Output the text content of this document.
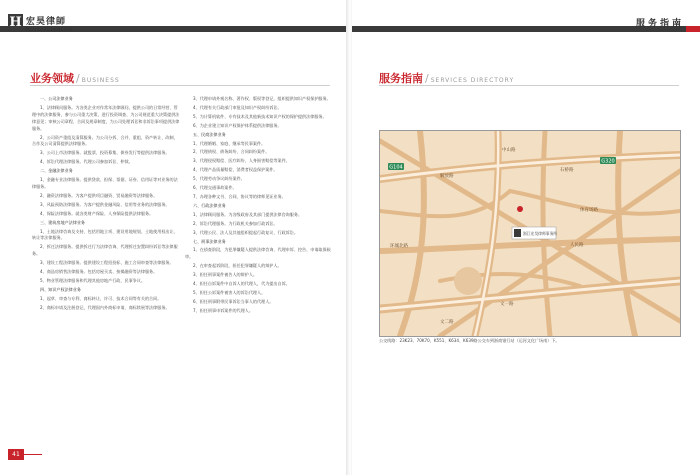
H 宏昊律師
HONGHAOLAWFIRM
业务领域 / BUSINESS

一、公司法律业务

1、法律顾问服务。为各类企业对作常年法律顾问，提供公司的日常经营、管理中的法律服务，参与公司重大决策，进行投资调查、为公司规范重大决策提供法律意见；审核公司章程、合同及规章制度，为公司处理诉讼和非诉讼事项提供法律服务。

2、公司资产重组及清算服务。为公司分拆、合并、重组、资产转让、改制、合作及公司清算提供法律服务。

3、公司上市法律服务。就股票、投资募集、债券发行等提供法律服务。

4、诉讼代理法律服务。代理公司参加诉讼、仲裁。

二、金融法律业务

1、金融专业法律服务。提供贷款、担保、票据、证券、信用证等对业务的法律服务。

2、融资法律服务。为客户提供项目融资、贸易融资等法律服务。

3、风险预防法律服务。为客户提供金融风险、信用等业务的法律服务。

4、保险法律服务。就各类财产保险、人身保险提供法律服务。

三、建筑房地产法律业务

1、土地法律咨询及支持，包括用地立项、建设用地规划、土地使用权出让、转让等法律服务。

2、拆迁法律服务。提供拆迁行为法律咨询、代理拆迁安置纠纷诉讼等法律服务。

3、建设工程法律服务。提供建设工程招投标、施工合同审查等法律服务。

4、商品房销售法律服务。包括房屋买卖、按揭融资等法律服务。

5、物业管理法律服务和代理其他房地产行政、民事争议。

四、知识产权法律业务

1、起草、审查与专利、商标转让、许可、技术合同等有关的合同。

2、商标申请及注册登记，代理国内外商标申请、商标续展等法律服务。

3、代理申请外观名称、著作权、版权等登记，组织提供知识产权保护服务。

4、代理有关行政部门审批及知识产权纠纷诉讼。

5、为计算机软件、专有技术及其他新技术知识产权的保护提供法律服务。

6、为企业建立知识产权保护体系提供法律服务。

五、民商法律业务

1、代理婚姻、家庭、继承等民事案件。

2、代理债权、债务纠纷、合同纠纷案件。

3、代理侵权赔偿、医疗纠纷、人身损害赔偿等案件。

4、代理产品质量赔偿、消费者权益保护案件。

5、代理劳动争议纠纷案件。

6、代理交通事故案件。

7、办理各种文书、合同、协议等的律师见证业务。

六、行政法律业务

1、法律顾问服务。为各级政府及其部门提供法律咨询服务。

2、诉讼代理服务。为行政机关参加行政诉讼。

3、代理公民、法人及其他组织提起行政复议、行政诉讼。

七、刑事法律业务

1、在侦查阶段，为犯罪嫌疑人提供法律咨询、代理申诉、控告、申请取保候审。

2、在审查起诉阶段，担任犯罪嫌疑人的辩护人。

3、担任刑事案件被告人的辩护人。

4、担任自诉案件中自诉人的代理人，代为提出自诉。

5、担任公诉案件被害人的诉讼代理人。

6、担任刑事附带民事诉讼当事人的代理人。

7、担任刑事申诉案件的代理人。

41
服务指南
服务指南 / SERVICES DIRECTORY
G104
G320
解放路
人民路
文一路
文二路
中山路
体育场路
石桥路
环城北路
浙江宏昊律师事务所
公交线路：23K23、70K70、K551、K634、K639路公交车到浙商银行站（运河文化广场南）下。
